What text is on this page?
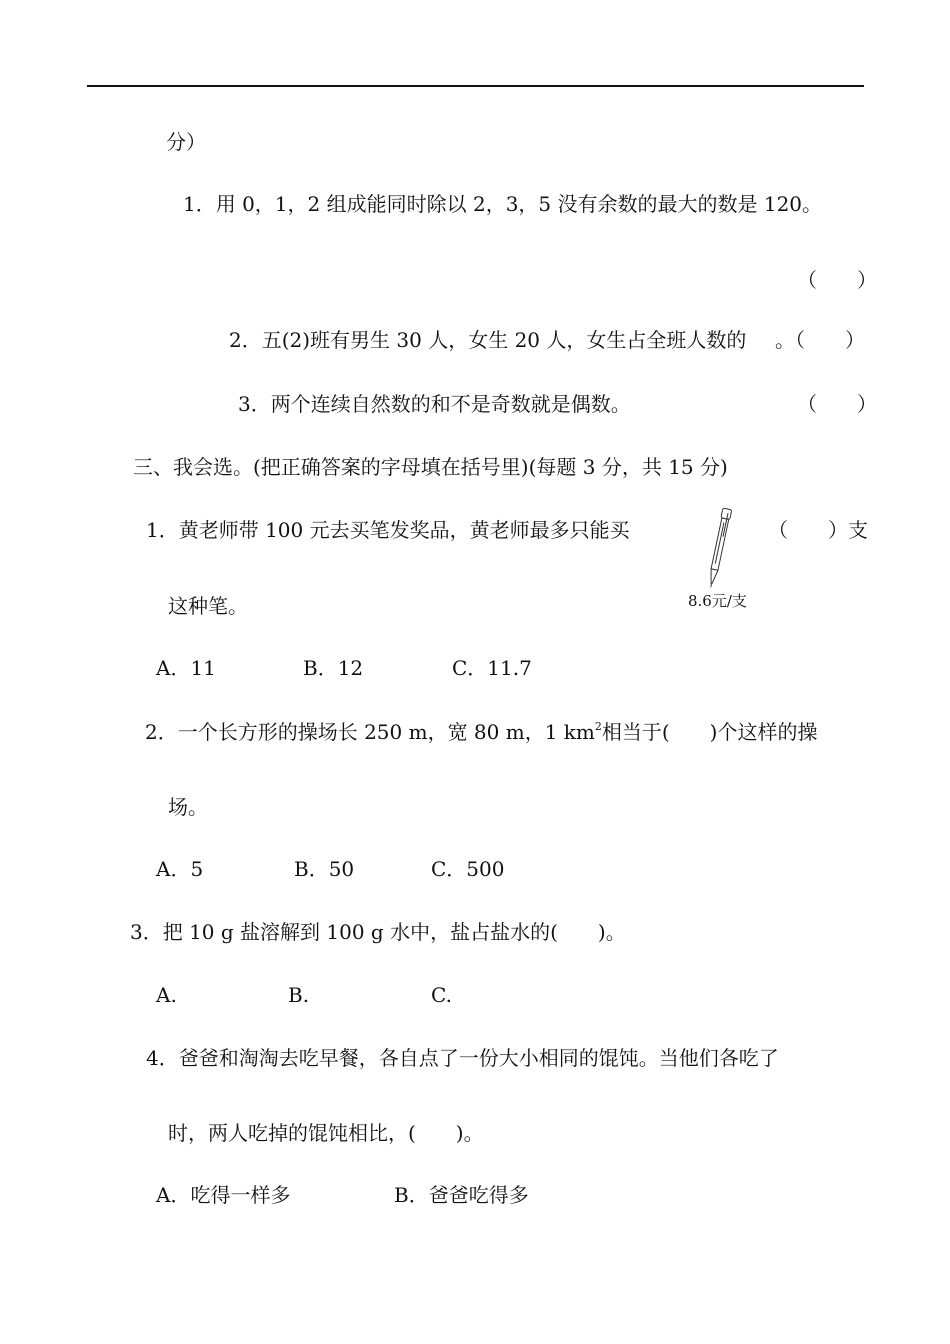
分）
1．用 0，1，2 组成能同时除以 2，3，5 没有余数的最大的数是 120。
（　　）
2．五(2)班有男生 30 人，女生 20 人，女生占全班人数的 。（　　）
3．两个连续自然数的和不是奇数就是偶数。	（　　）
三、我会选。(把正确答案的字母填在括号里)(每题 3 分，共 15 分)
1．黄老师带 100 元去买笔发奖品，黄老师最多只能买	（　　）支
这种笔。	8.6元/支
A．11	B．12	C．11.7
2．一个长方形的操场长 250 m，宽 80 m，1 $km^2$相当于(　　)个这样的操
场。
A．5	B．50	C．500
3．把 10 g 盐溶解到 100 g 水中，盐占盐水的(　　)。
A.	B.	C.
4．爸爸和淘淘去吃早餐，各自点了一份大小相同的馄饨。当他们各吃了
时，两人吃掉的馄饨相比，(　　)。
A．吃得一样多	B．爸爸吃得多
